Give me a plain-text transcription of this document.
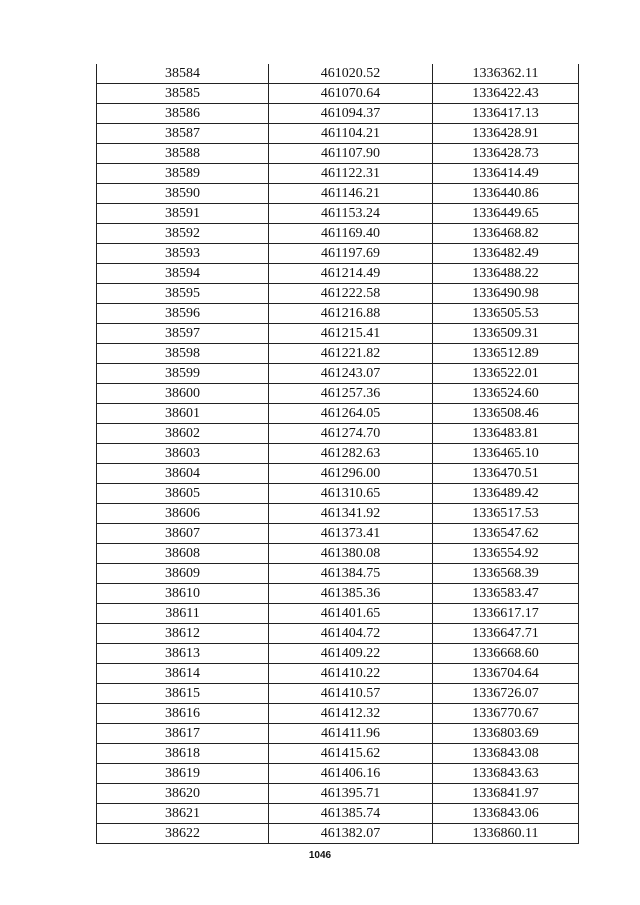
38584	461020.52	1336362.11
38585	461070.64	1336422.43
38586	461094.37	1336417.13
38587	461104.21	1336428.91
38588	461107.90	1336428.73
38589	461122.31	1336414.49
38590	461146.21	1336440.86
38591	461153.24	1336449.65
38592	461169.40	1336468.82
38593	461197.69	1336482.49
38594	461214.49	1336488.22
38595	461222.58	1336490.98
38596	461216.88	1336505.53
38597	461215.41	1336509.31
38598	461221.82	1336512.89
38599	461243.07	1336522.01
38600	461257.36	1336524.60
38601	461264.05	1336508.46
38602	461274.70	1336483.81
38603	461282.63	1336465.10
38604	461296.00	1336470.51
38605	461310.65	1336489.42
38606	461341.92	1336517.53
38607	461373.41	1336547.62
38608	461380.08	1336554.92
38609	461384.75	1336568.39
38610	461385.36	1336583.47
38611	461401.65	1336617.17
38612	461404.72	1336647.71
38613	461409.22	1336668.60
38614	461410.22	1336704.64
38615	461410.57	1336726.07
38616	461412.32	1336770.67
38617	461411.96	1336803.69
38618	461415.62	1336843.08
38619	461406.16	1336843.63
38620	461395.71	1336841.97
38621	461385.74	1336843.06
38622	461382.07	1336860.11
1046
